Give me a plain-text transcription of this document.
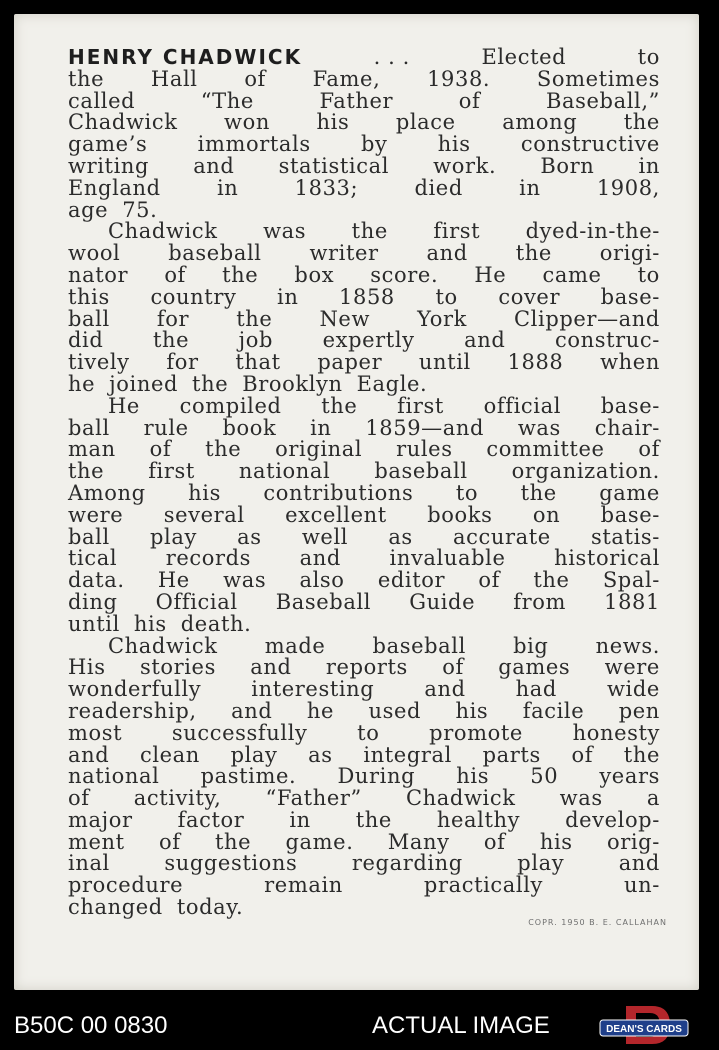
HENRY CHADWICK	. . .	Elected	to
the Hall of Fame, 1938. Sometimes
called	“The	Father	of	Baseball,”
Chadwick won his place among the
game’s immortals by his constructive
writing and statistical work. Born in
England	in	1833;	died	in	1908,
age 75.
Chadwick was the first dyed-in-the-
wool baseball writer and the origi-
nator of the box score. He came to
this country in 1858 to cover base-
ball for the New York Clipper—and
did the job expertly and construc-
tively for that paper until 1888 when
he joined the Brooklyn Eagle.
He compiled the first official base-
ball rule book in 1859—and was chair-
man of the original rules committee of
the first national baseball organization.
Among his contributions to the game
were several excellent books on base-
ball play as well as accurate statis-
tical records and invaluable historical
data. He was also editor of the Spal-
ding Official Baseball Guide from 1881
until his death.
Chadwick made baseball big news.
His stories and reports of games were
wonderfully interesting and had wide
readership, and he used his facile pen
most successfully to promote honesty
and clean play as integral parts of the
national pastime. During his 50 years
of activity, “Father” Chadwick was a
major factor in the healthy develop-
ment of the game. Many of his orig-
inal	suggestions	regarding	play	and
procedure	remain	practically	un-
changed today.
COPR. 1950 B. E. CALLAHAN
B50C 00 0830	ACTUAL IMAGE	DEAN'S CARDS
